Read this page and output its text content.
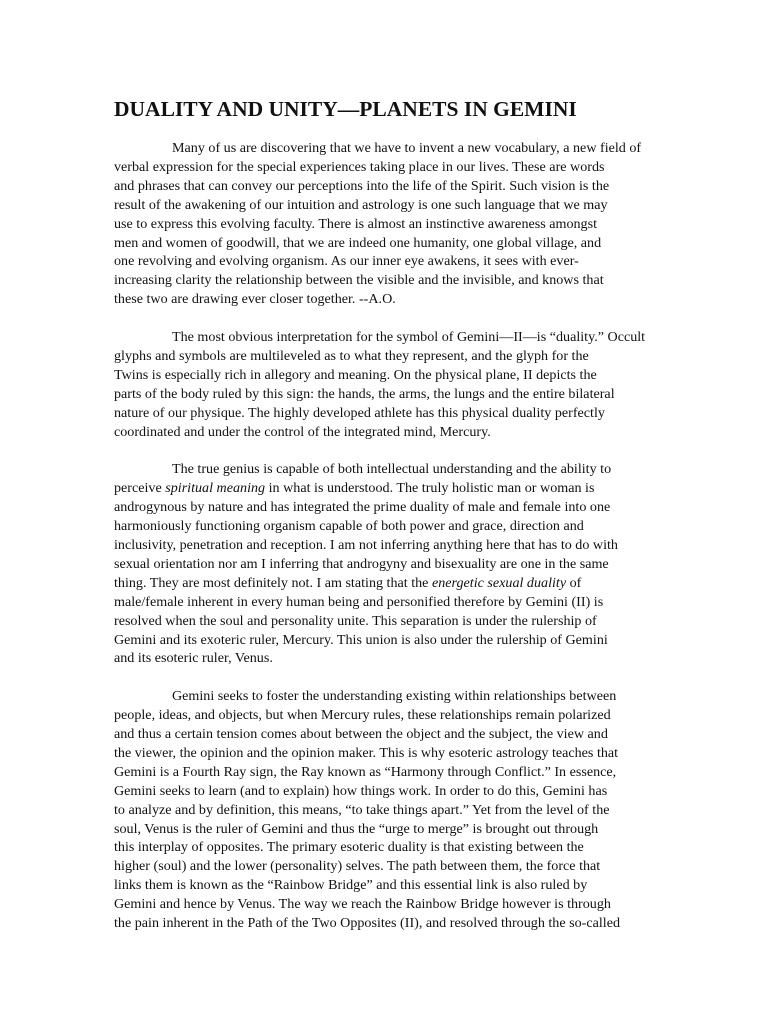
DUALITY AND UNITY—PLANETS IN GEMINI
Many of us are discovering that we have to invent a new vocabulary, a new field of
verbal expression for the special experiences taking place in our lives. These are words
and phrases that can convey our perceptions into the life of the Spirit. Such vision is the
result of the awakening of our intuition and astrology is one such language that we may
use to express this evolving faculty. There is almost an instinctive awareness amongst
men and women of goodwill, that we are indeed one humanity, one global village, and
one revolving and evolving organism. As our inner eye awakens, it sees with ever-
increasing clarity the relationship between the visible and the invisible, and knows that
these two are drawing ever closer together. --A.O.
The most obvious interpretation for the symbol of Gemini—II—is “duality.” Occult
glyphs and symbols are multileveled as to what they represent, and the glyph for the
Twins is especially rich in allegory and meaning. On the physical plane, II depicts the
parts of the body ruled by this sign: the hands, the arms, the lungs and the entire bilateral
nature of our physique. The highly developed athlete has this physical duality perfectly
coordinated and under the control of the integrated mind, Mercury.
The true genius is capable of both intellectual understanding and the ability to
perceive spiritual meaning in what is understood. The truly holistic man or woman is
androgynous by nature and has integrated the prime duality of male and female into one
harmoniously functioning organism capable of both power and grace, direction and
inclusivity, penetration and reception. I am not inferring anything here that has to do with
sexual orientation nor am I inferring that androgyny and bisexuality are one in the same
thing. They are most definitely not. I am stating that the energetic sexual duality of
male/female inherent in every human being and personified therefore by Gemini (II) is
resolved when the soul and personality unite. This separation is under the rulership of
Gemini and its exoteric ruler, Mercury. This union is also under the rulership of Gemini
and its esoteric ruler, Venus.
Gemini seeks to foster the understanding existing within relationships between
people, ideas, and objects, but when Mercury rules, these relationships remain polarized
and thus a certain tension comes about between the object and the subject, the view and
the viewer, the opinion and the opinion maker. This is why esoteric astrology teaches that
Gemini is a Fourth Ray sign, the Ray known as “Harmony through Conflict.” In essence,
Gemini seeks to learn (and to explain) how things work. In order to do this, Gemini has
to analyze and by definition, this means, “to take things apart.” Yet from the level of the
soul, Venus is the ruler of Gemini and thus the “urge to merge” is brought out through
this interplay of opposites. The primary esoteric duality is that existing between the
higher (soul) and the lower (personality) selves. The path between them, the force that
links them is known as the “Rainbow Bridge” and this essential link is also ruled by
Gemini and hence by Venus. The way we reach the Rainbow Bridge however is through
the pain inherent in the Path of the Two Opposites (II), and resolved through the so-called
